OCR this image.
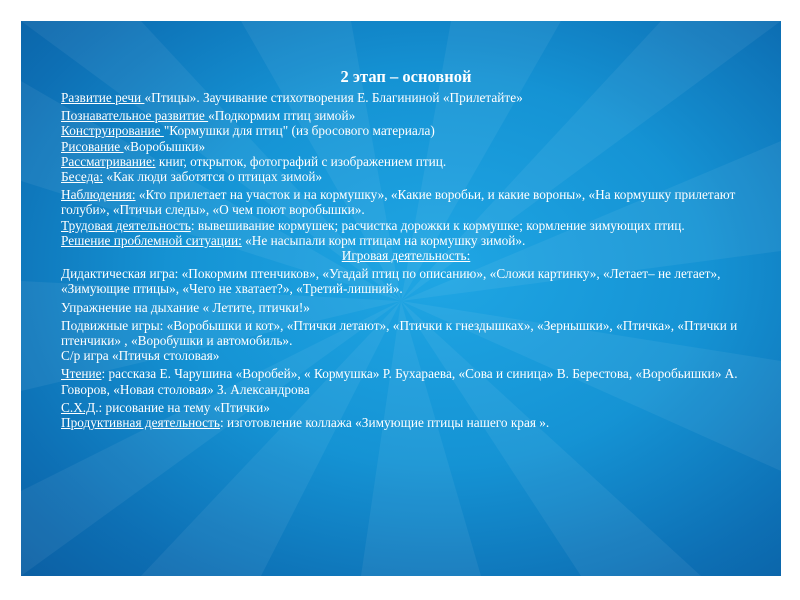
2 этап – основной

Развитие речи «Птицы». Заучивание стихотворения Е. Благининой «Прилетайте»

Познавательное развитие «Подкормим птиц зимой»

Конструирование "Кормушки для птиц" (из бросового материала)

Рисование «Воробышки»

Рассматривание: книг, открыток, фотографий с изображением птиц.

Беседа: «Как люди заботятся о птицах зимой»

Наблюдения: «Кто прилетает на участок и на кормушку», «Какие воробьи, и какие вороны», «На кормушку прилетают голуби», «Птичьи следы», «О чем поют воробышки».

Трудовая деятельность: вывешивание кормушек; расчистка дорожки к кормушке; кормление зимующих птиц.

Решение проблемной ситуации: «Не насыпали корм птицам на кормушку зимой».

Игровая деятельность:

Дидактическая игра: «Покормим птенчиков», «Угадай птиц по описанию», «Сложи картинку», «Летает– не летает», «Зимующие птицы», «Чего не хватает?», «Третий-лишний».

Упражнение на дыхание « Летите, птички!»

Подвижные игры: «Воробышки и кот», «Птички летают», «Птички к гнездышках», «Зернышки», «Птичка», «Птички и птенчики» , «Воробушки и автомобиль».

С/р игра «Птичья столовая»

Чтение: рассказа Е. Чарушина «Воробей», « Кормушка» Р. Бухараева, «Сова и синица» В. Берестова, «Воробьишки» А. Говоров, «Новая столовая» З. Александрова

С.Х.Д.: рисование на тему «Птички»

Продуктивная деятельность: изготовление коллажа «Зимующие птицы нашего края ».
